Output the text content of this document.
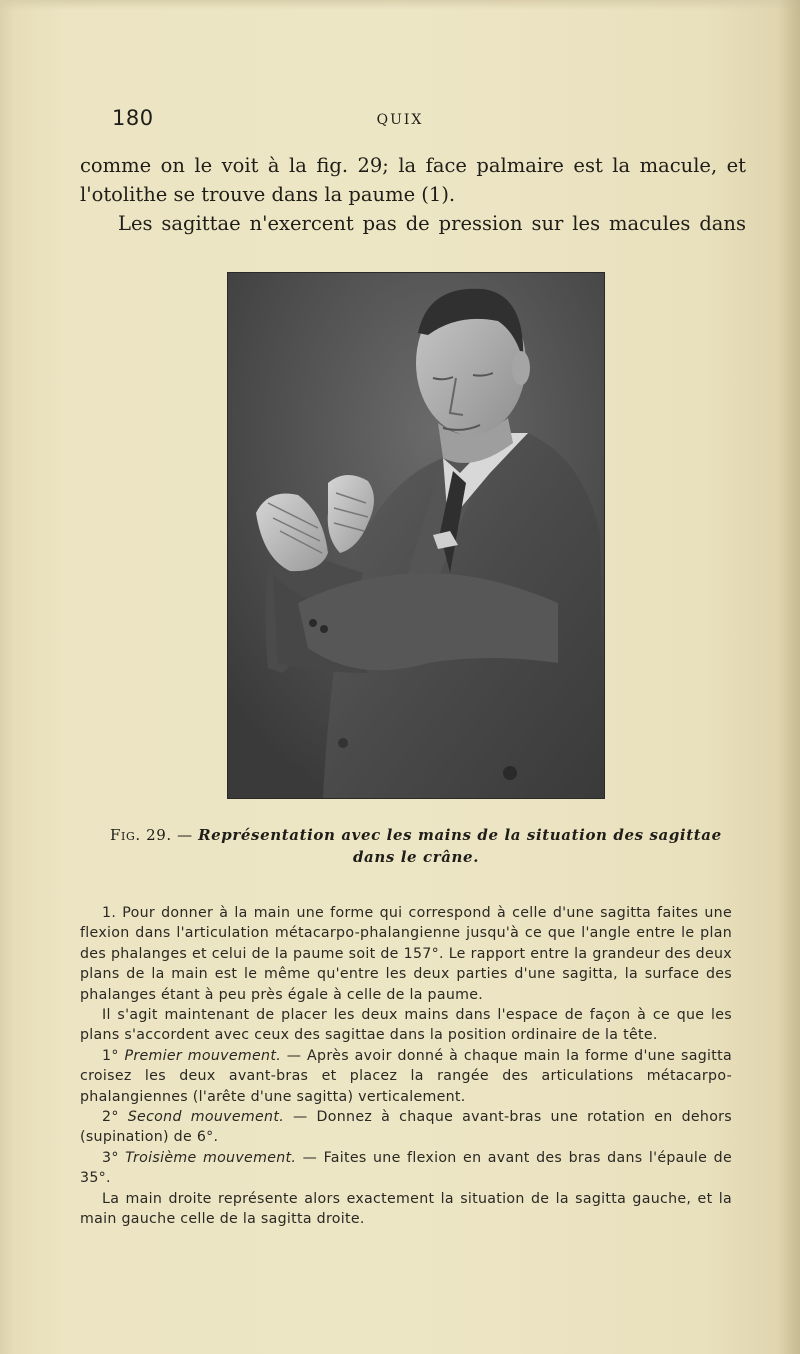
180	QUIX

comme on le voit à la fig. 29; la face palmaire est la macule, et

l'otolithe se trouve dans la paume (1).

Les sagittae n'exercent pas de pression sur les macules dans

Fig. 29. — Représentation avec les mains de la situation des sagittae
dans le crâne.

1. Pour donner à la main une forme qui correspond à celle d'une sagitta faites une flexion dans l'articulation métacarpo-phalangienne jusqu'à ce que l'angle entre le plan des phalanges et celui de la paume soit de 157°. Le rapport entre la grandeur des deux plans de la main est le même qu'entre les deux parties d'une sagitta, la surface des phalanges étant à peu près égale à celle de la paume.

Il s'agit maintenant de placer les deux mains dans l'espace de façon à ce que les plans s'accordent avec ceux des sagittae dans la position ordinaire de la tête.

1° Premier mouvement. — Après avoir donné à chaque main la forme d'une sagitta croisez les deux avant-bras et placez la rangée des articulations métacarpo-phalangiennes (l'arête d'une sagitta) verticalement.

2° Second mouvement. — Donnez à chaque avant-bras une rotation en dehors (supination) de 6°.

3° Troisième mouvement. — Faites une flexion en avant des bras dans l'épaule de 35°.

La main droite représente alors exactement la situation de la sagitta gauche, et la main gauche celle de la sagitta droite.
